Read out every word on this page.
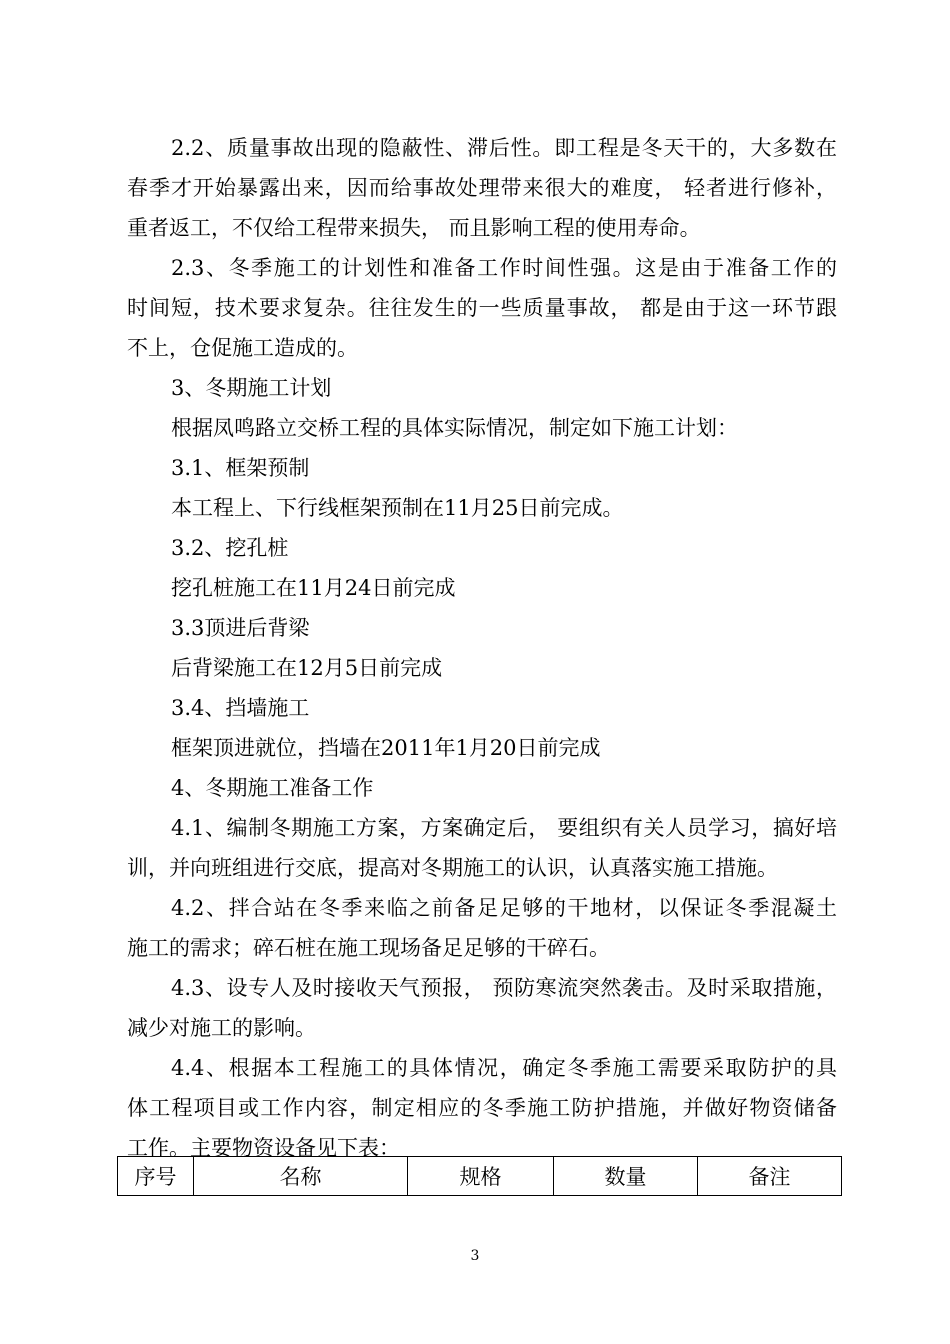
2.2、质量事故出现的隐蔽性、滞后性。即工程是冬天干的，大多数在
春季才开始暴露出来，因而给事故处理带来很大的难度， 轻者进行修补，
重者返工，不仅给工程带来损失， 而且影响工程的使用寿命。
2.3、冬季施工的计划性和准备工作时间性强。这是由于准备工作的
时间短，技术要求复杂。往往发生的一些质量事故， 都是由于这一环节跟
不上，仓促施工造成的。
3、冬期施工计划
根据凤鸣路立交桥工程的具体实际情况，制定如下施工计划：
3.1、框架预制
本工程上、下行线框架预制在11月25日前完成。
3.2、挖孔桩
挖孔桩施工在11月24日前完成
3.3顶进后背梁
后背梁施工在12月5日前完成
3.4、挡墙施工
框架顶进就位，挡墙在2011年1月20日前完成
4、冬期施工准备工作
4.1、编制冬期施工方案，方案确定后， 要组织有关人员学习，搞好培
训，并向班组进行交底，提高对冬期施工的认识，认真落实施工措施。
4.2、拌合站在冬季来临之前备足足够的干地材，以保证冬季混凝土
施工的需求；碎石桩在施工现场备足足够的干碎石。
4.3、设专人及时接收天气预报， 预防寒流突然袭击。及时采取措施，
减少对施工的影响。
4.4、根据本工程施工的具体情况，确定冬季施工需要采取防护的具
体工程项目或工作内容，制定相应的冬季施工防护措施，并做好物资储备
工作。主要物资设备见下表：
序号	名称	规格	数量	备注
3
